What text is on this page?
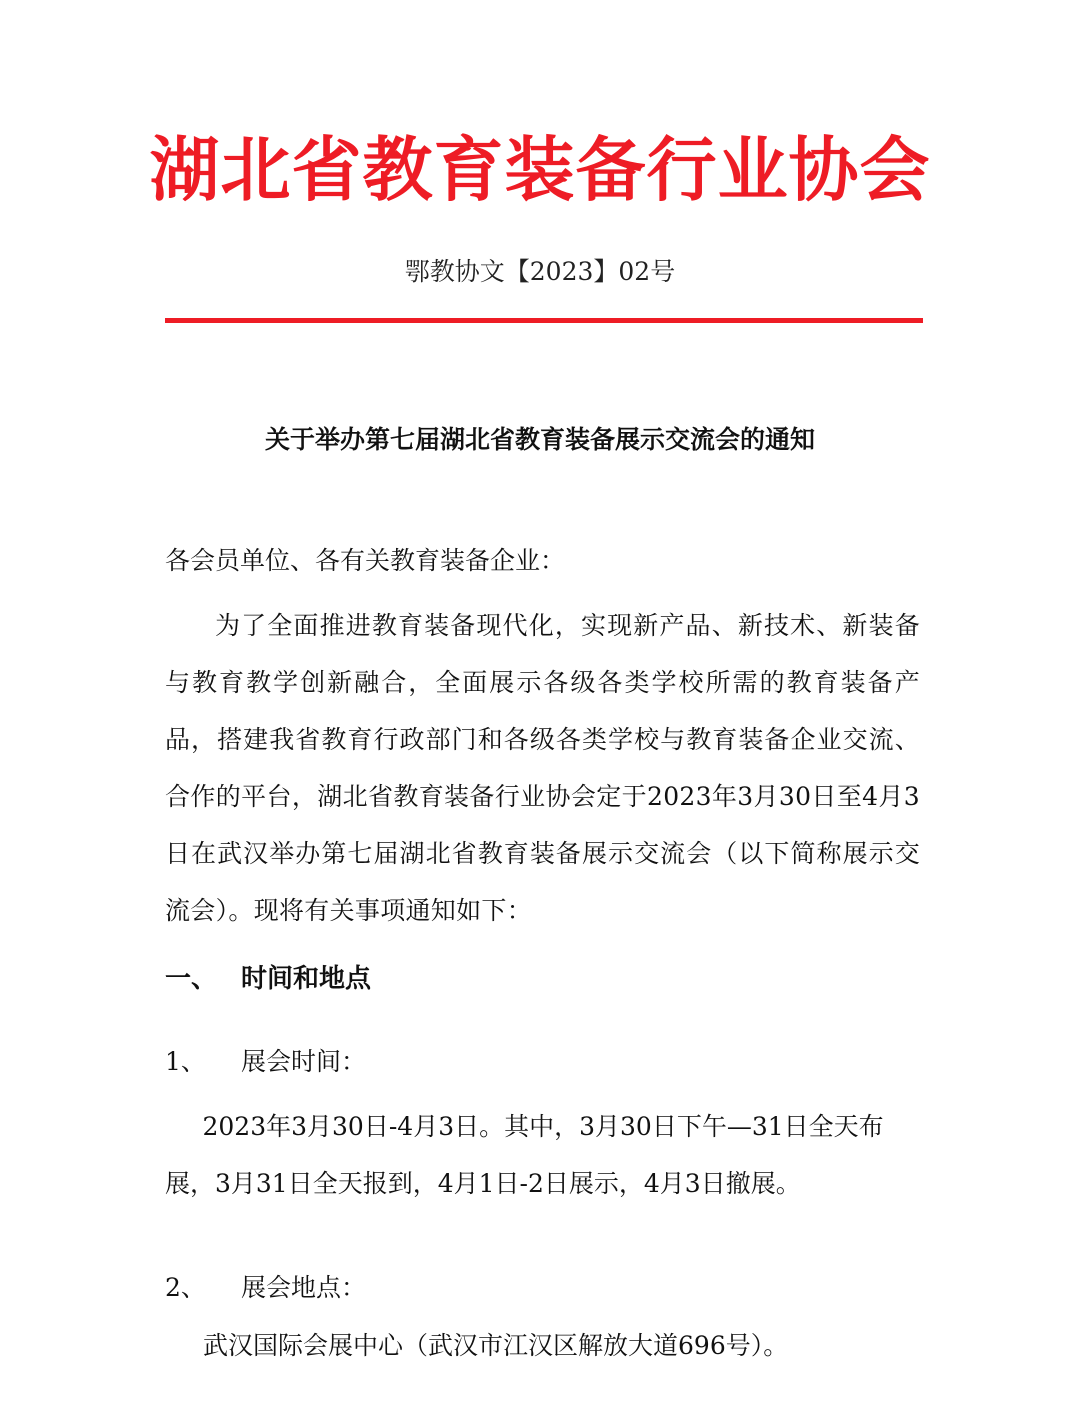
湖北省教育装备行业协会
鄂教协文【2023】02号
关于举办第七届湖北省教育装备展示交流会的通知
各会员单位、各有关教育装备企业：
为了全面推进教育装备现代化，实现新产品、新技术、新装备与教育教学创新融合，全面展示各级各类学校所需的教育装备产品，搭建我省教育行政部门和各级各类学校与教育装备企业交流、合作的平台，湖北省教育装备行业协会定于2023年3月30日至4月3日在武汉举办第七届湖北省教育装备展示交流会（以下简称展示交流会）。现将有关事项通知如下：
一、 时间和地点
1、 展会时间：
2023年3月30日-4月3日。其中，3月30日下午—31日全天布展，3月31日全天报到，4月1日-2日展示，4月3日撤展。
2、 展会地点：
武汉国际会展中心（武汉市江汉区解放大道696号）。
